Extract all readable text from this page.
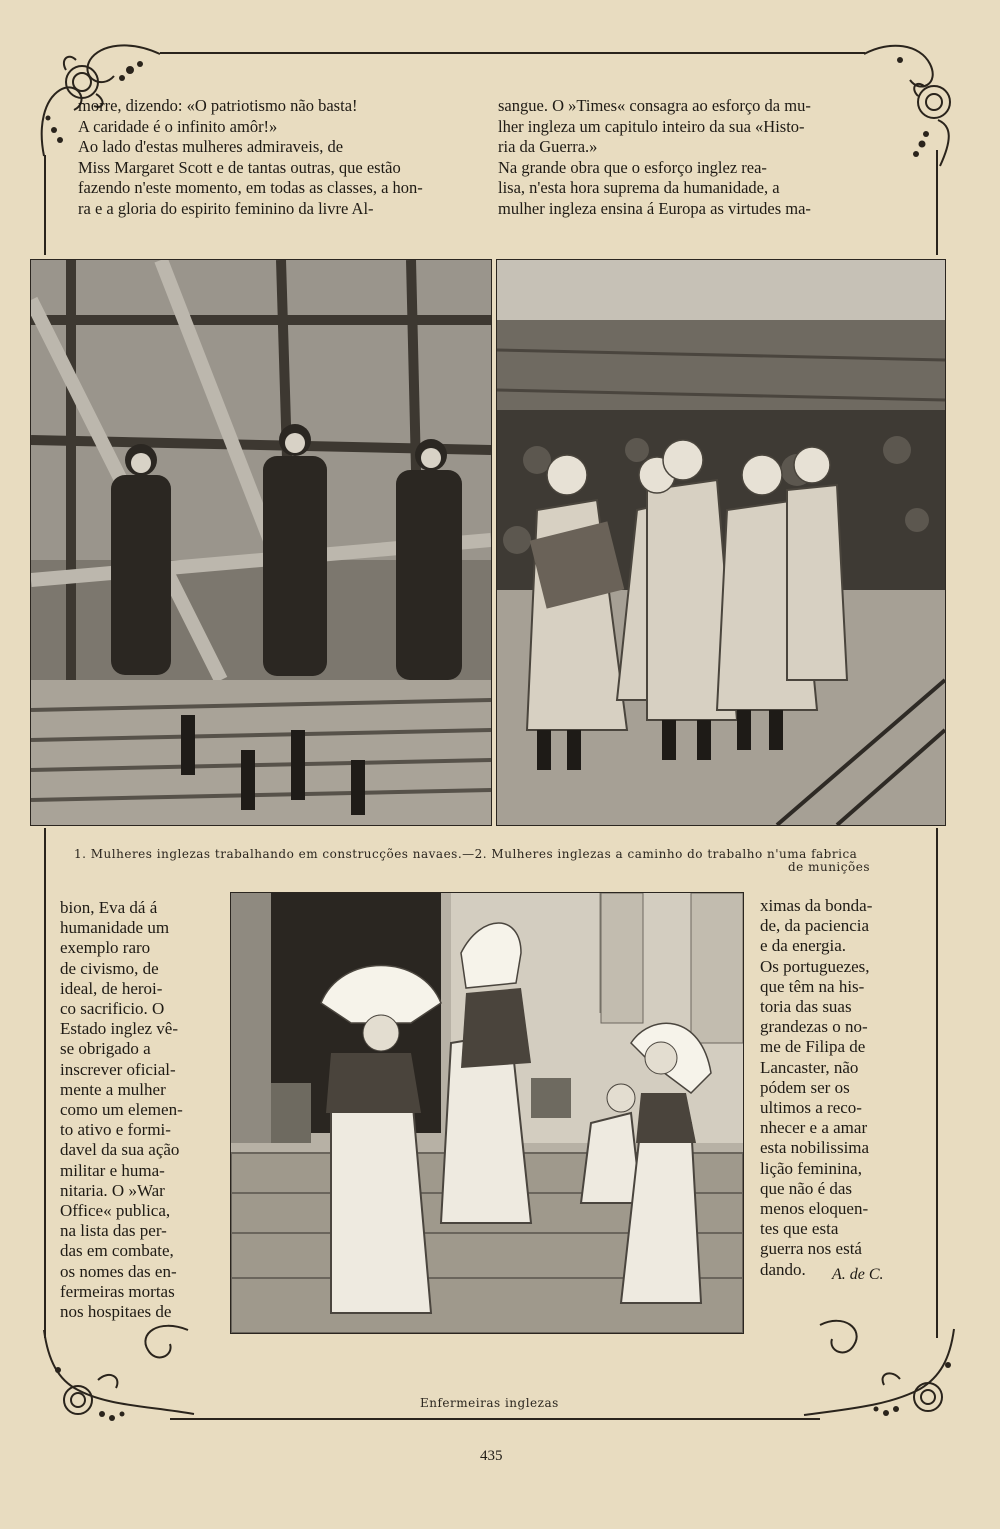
morre, dizendo: «O patriotismo não basta!
A caridade é o infinito amôr!»
Ao lado d'estas mulheres admiraveis, de
Miss Margaret Scott e de tantas outras, que estão
fazendo n'este momento, em todas as classes, a hon-
ra e a gloria do espirito feminino da livre Al-
sangue. O »Times« consagra ao esforço da mu-
lher ingleza um capitulo inteiro da sua «Histo-
ria da Guerra.»
Na grande obra que o esforço inglez rea-
lisa, n'esta hora suprema da humanidade, a
mulher ingleza ensina á Europa as virtudes ma-
1. Mulheres inglezas trabalhando em construcções navaes.—2. Mulheres inglezas a caminho do trabalho n'uma fabrica
de munições
bion, Eva dá á
humanidade um
exemplo raro
de civismo, de
ideal, de heroi-
co sacrificio. O
Estado inglez vê-
se obrigado a
inscrever oficial-
mente a mulher
como um elemen-
to ativo e formi-
davel da sua ação
militar e huma-
nitaria. O »War
Office« publica,
na lista das per-
das em combate,
os nomes das en-
fermeiras mortas
nos hospitaes de
ximas da bonda-
de, da paciencia
e da energia.
Os portuguezes,
que têm na his-
toria das suas
grandezas o no-
me de Filipa de
Lancaster, não
pódem ser os
ultimos a reco-
nhecer e a amar
esta nobilissima
lição feminina,
que não é das
menos eloquen-
tes que esta
guerra nos está
dando.	A. de C.
Enfermeiras inglezas
435
